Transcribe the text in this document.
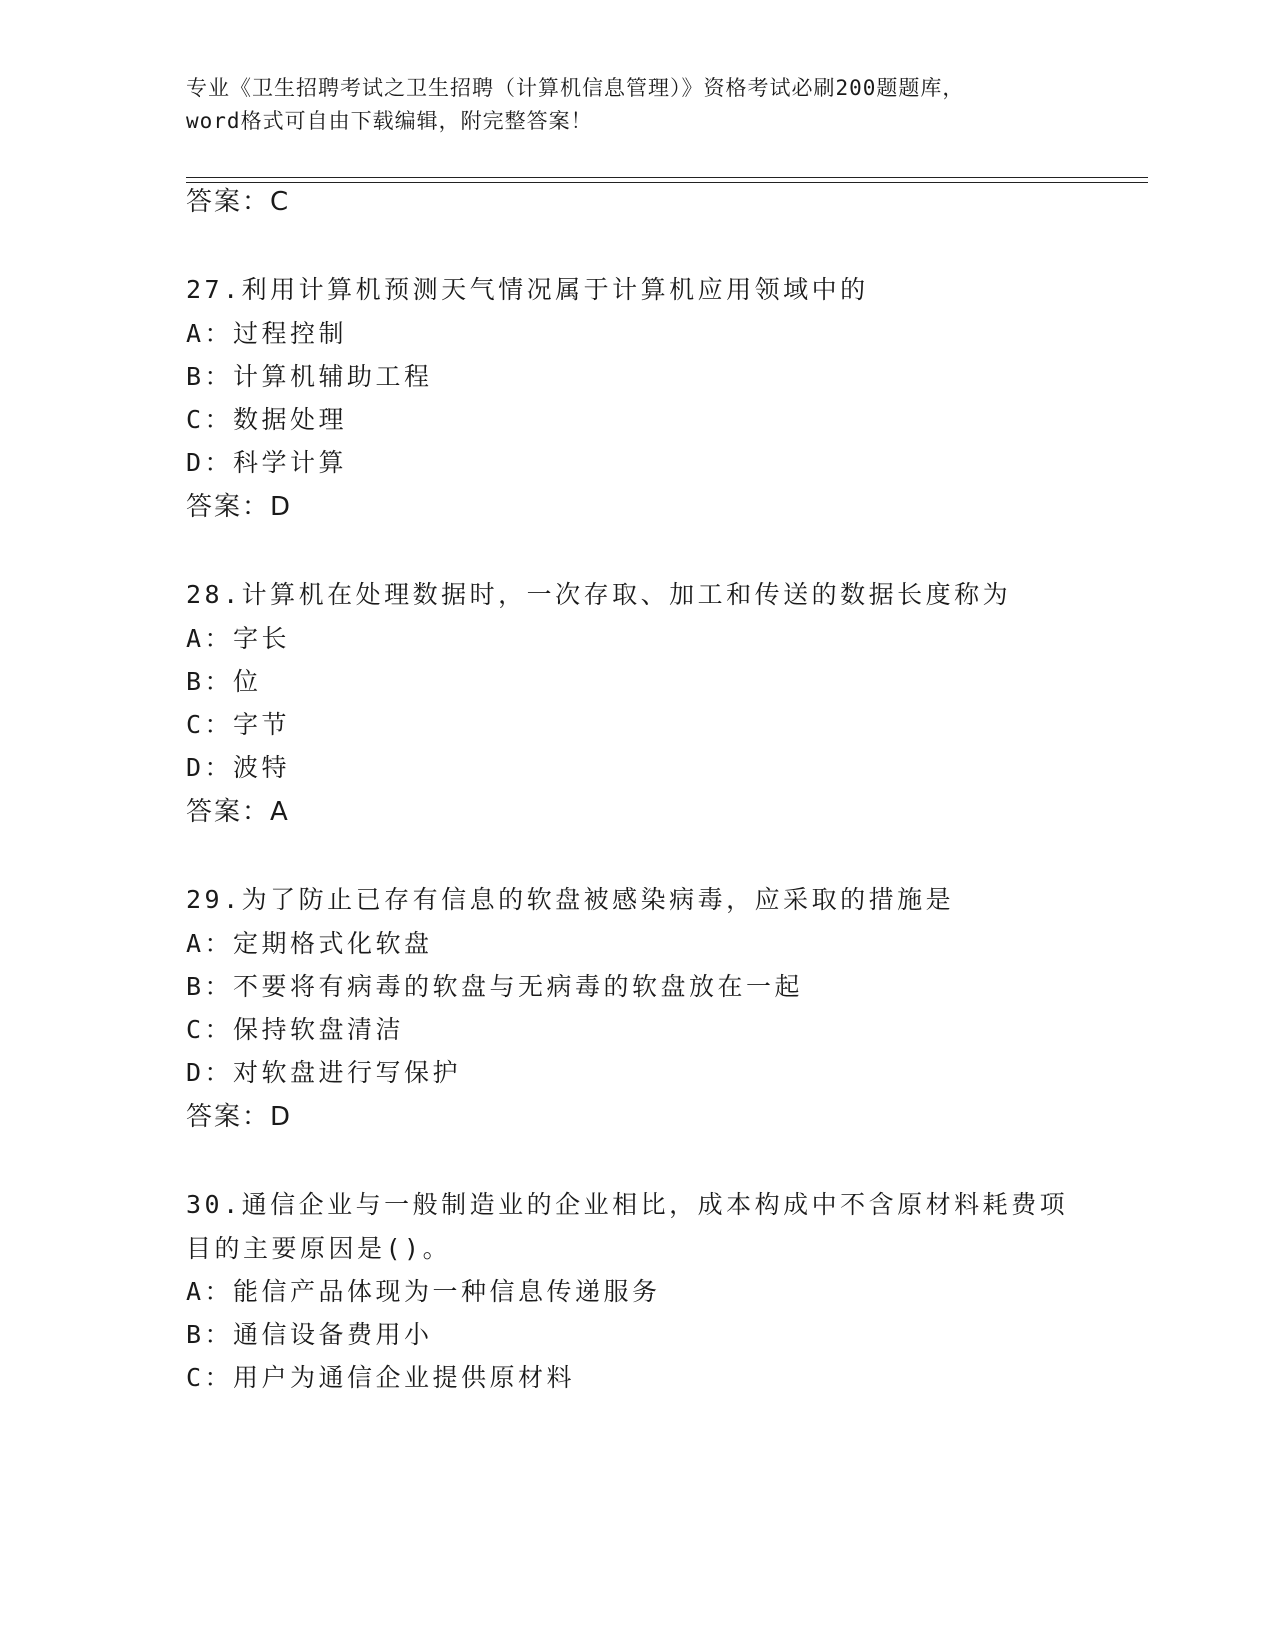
专业《卫生招聘考试之卫生招聘（计算机信息管理）》资格考试必刷200题题库，
word格式可自由下载编辑，附完整答案！
答案：C
27.利用计算机预测天气情况属于计算机应用领域中的
A：过程控制
B：计算机辅助工程
C：数据处理
D：科学计算
答案：D
28.计算机在处理数据时，一次存取、加工和传送的数据长度称为
A：字长
B：位
C：字节
D：波特
答案：A
29.为了防止已存有信息的软盘被感染病毒，应采取的措施是
A：定期格式化软盘
B：不要将有病毒的软盘与无病毒的软盘放在一起
C：保持软盘清洁
D：对软盘进行写保护
答案：D
30.通信企业与一般制造业的企业相比，成本构成中不含原材料耗费项
目的主要原因是()。
A：能信产品体现为一种信息传递服务
B：通信设备费用小
C：用户为通信企业提供原材料
